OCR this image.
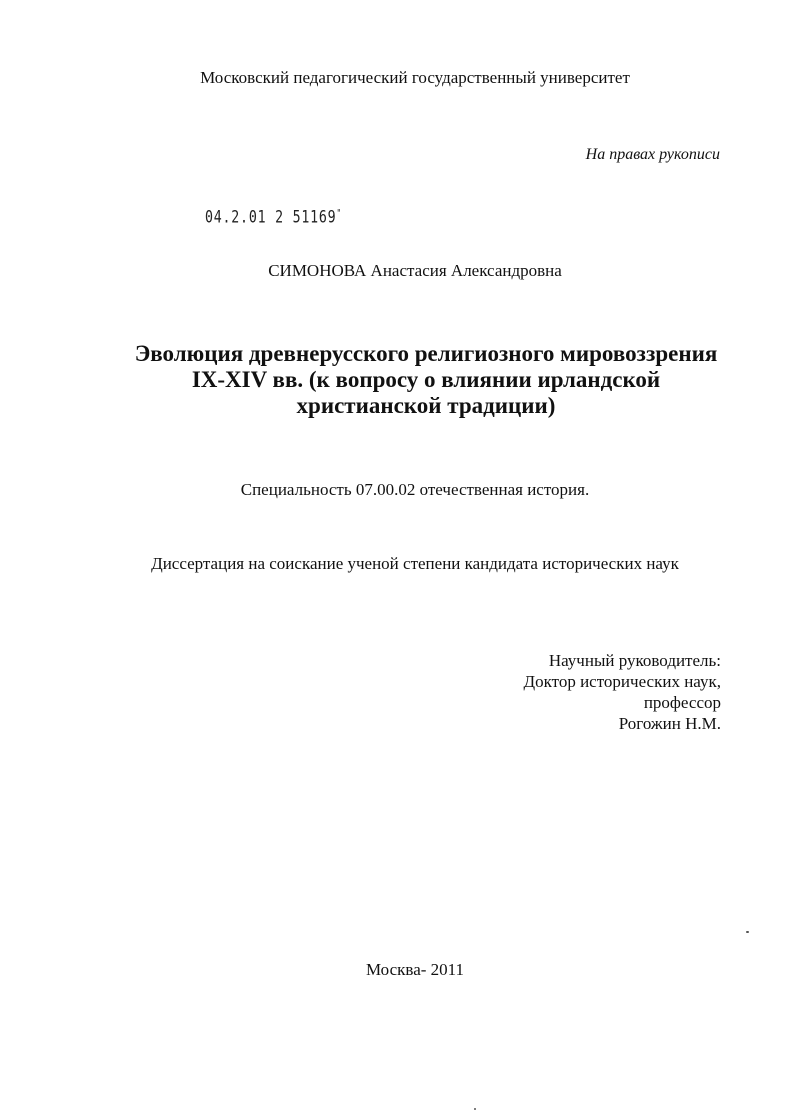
Московский педагогический государственный университет
На правах рукописи
04.2.01 2 51169"
СИМОНОВА Анастасия Александровна
Эволюция древнерусского религиозного мировоззрения
IX-XIV вв. (к вопросу о влиянии ирландской
христианской традиции)
Специальность 07.00.02 отечественная история.
Диссертация на соискание ученой степени кандидата исторических наук
Научный руководитель:
Доктор исторических наук,
профессор
Рогожин Н.М.
Москва- 2011
